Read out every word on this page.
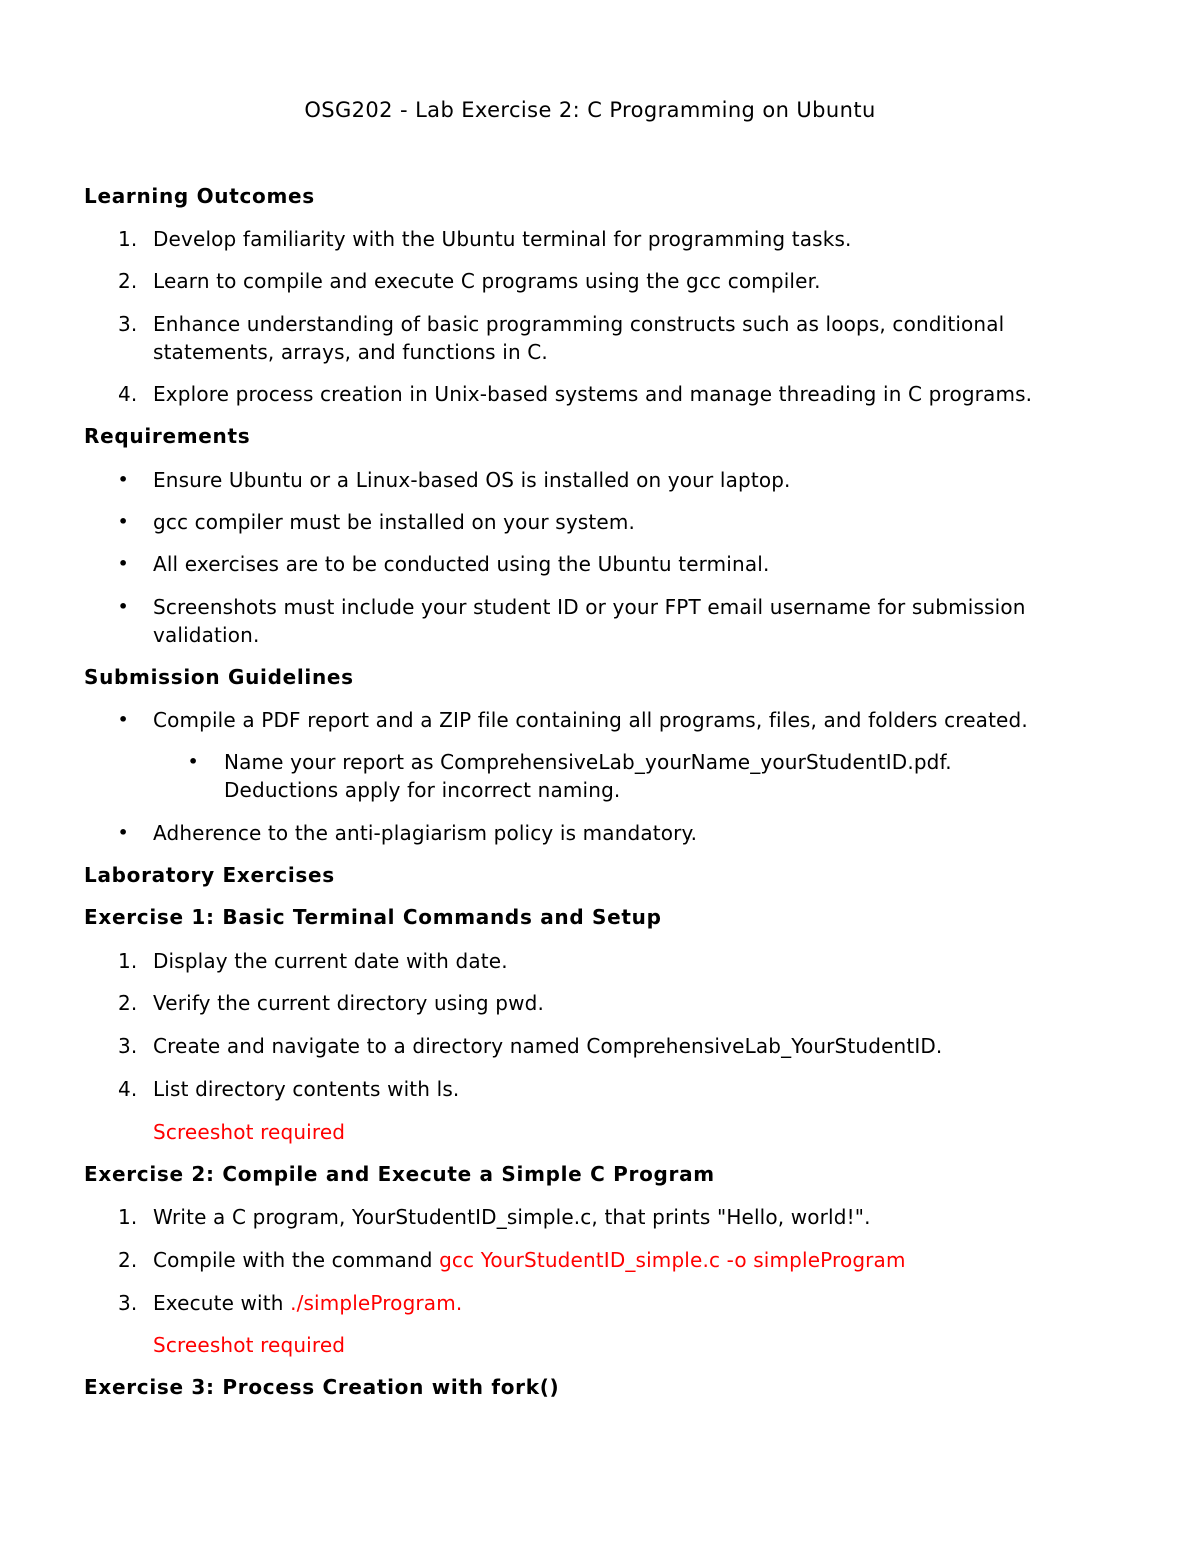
OSG202 - Lab Exercise 2: C Programming on Ubuntu
Learning Outcomes
1. Develop familiarity with the Ubuntu terminal for programming tasks.
2. Learn to compile and execute C programs using the gcc compiler.
3. Enhance understanding of basic programming constructs such as loops, conditional
statements, arrays, and functions in C.
4. Explore process creation in Unix-based systems and manage threading in C programs.
Requirements
• Ensure Ubuntu or a Linux-based OS is installed on your laptop.
• gcc compiler must be installed on your system.
• All exercises are to be conducted using the Ubuntu terminal.
• Screenshots must include your student ID or your FPT email username for submission
validation.
Submission Guidelines
• Compile a PDF report and a ZIP file containing all programs, files, and folders created.
• Name your report as ComprehensiveLab_yourName_yourStudentID.pdf.
Deductions apply for incorrect naming.
• Adherence to the anti-plagiarism policy is mandatory.
Laboratory Exercises
Exercise 1: Basic Terminal Commands and Setup
1. Display the current date with date.
2. Verify the current directory using pwd.
3. Create and navigate to a directory named ComprehensiveLab_YourStudentID.
4. List directory contents with ls.
Screeshot required
Exercise 2: Compile and Execute a Simple C Program
1. Write a C program, YourStudentID_simple.c, that prints "Hello, world!".
2. Compile with the command gcc YourStudentID_simple.c -o simpleProgram
3. Execute with ./simpleProgram.
Screeshot required
Exercise 3: Process Creation with fork()
